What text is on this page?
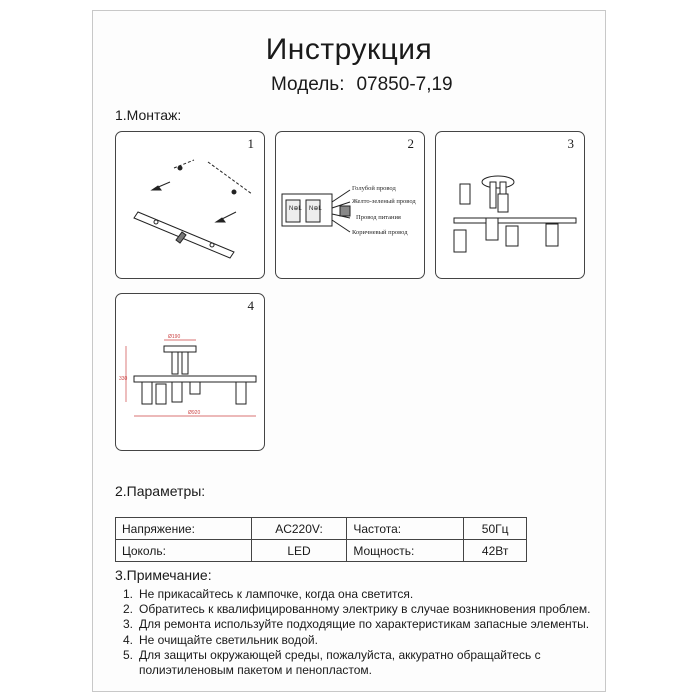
Инструкция
Модель: 07850-7,19
1.Монтаж:
1	2
N⊕L N⊕L
Голубой провод
Желто-зеленый провод
Провод питания
Коричневый провод
3
4
Ø190
330
Ø920
2.Параметры:
Напряжение:	AC220V:	Частота:	50Гц
Цоколь:	LED	Мощность:	42Вт
3.Примечание:
1. Не прикасайтесь к лампочке, когда она светится.
2. Обратитесь к квалифицированному электрику в случае возникновения проблем.
3. Для ремонта используйте подходящие по характеристикам запасные элементы.
4. Не очищайте светильник водой.
5. Для защиты окружающей среды, пожалуйста, аккуратно обращайтесь с полиэтиленовым пакетом и пенопластом.
